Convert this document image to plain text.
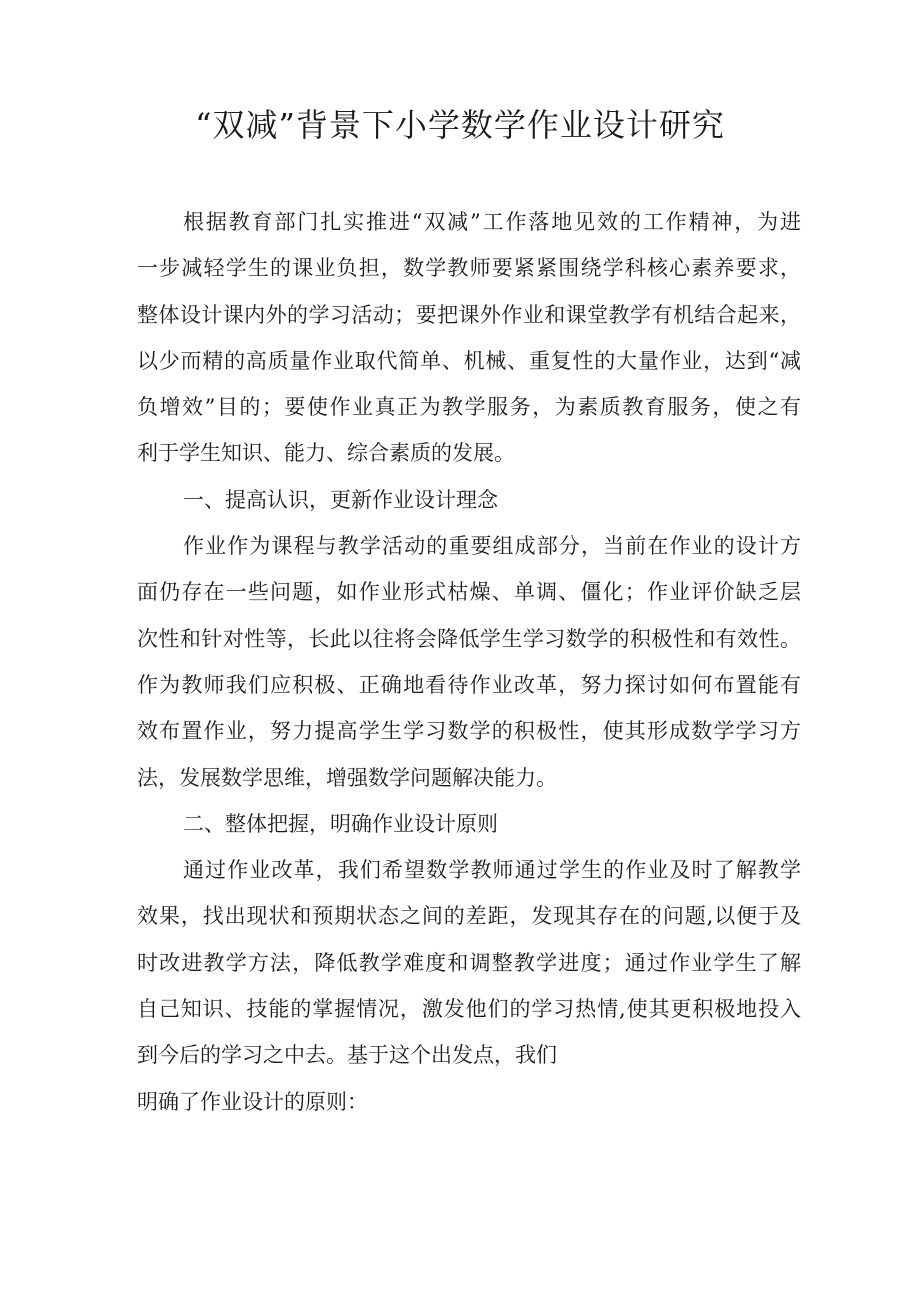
“双减”背景下小学数学作业设计研究
根据教育部门扎实推进“双减”工作落地见效的工作精神，为进
一步减轻学生的课业负担，数学教师要紧紧围绕学科核心素养要求，
整体设计课内外的学习活动；要把课外作业和课堂教学有机结合起来，
以少而精的高质量作业取代简单、机械、重复性的大量作业，达到“减
负增效”目的；要使作业真正为教学服务，为素质教育服务，使之有
利于学生知识、能力、综合素质的发展。
一、提高认识，更新作业设计理念
作业作为课程与教学活动的重要组成部分，当前在作业的设计方
面仍存在一些问题，如作业形式枯燥、单调、僵化；作业评价缺乏层
次性和针对性等，长此以往将会降低学生学习数学的积极性和有效性。
作为教师我们应积极、正确地看待作业改革，努力探讨如何布置能有
效布置作业，努力提高学生学习数学的积极性，使其形成数学学习方
法，发展数学思维，增强数学问题解决能力。
二、整体把握，明确作业设计原则
通过作业改革，我们希望数学教师通过学生的作业及时了解教学
效果，找出现状和预期状态之间的差距，发现其存在的问题,以便于及
时改进教学方法，降低教学难度和调整教学进度；通过作业学生了解
自己知识、技能的掌握情况，激发他们的学习热情,使其更积极地投入
到今后的学习之中去。基于这个出发点，我们
明确了作业设计的原则：
